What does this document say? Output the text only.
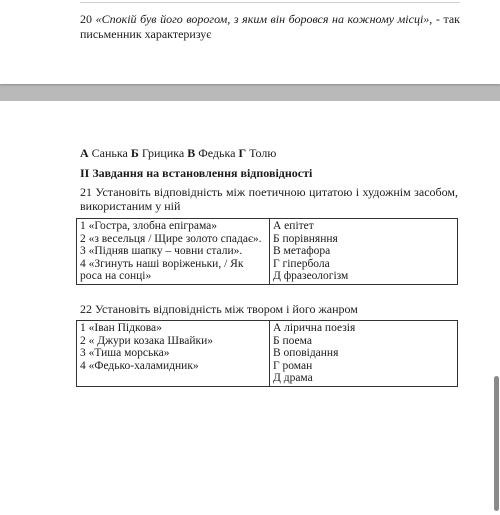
20 «Спокій був його ворогом, з яким він боровся на кожному місці», - так письменник характеризує
А Санька Б Грицика В Федька Г Толю
ІІ Завдання на встановлення відповідності
21 Установіть відповідність між поетичною цитатою і художнім засобом, використаним у ній
1 «Гостра, злобна епіграма»
2 «з весельця / Щире золото спадає».
3 «Підняв шапку – човни стали».
4 «Згинуть наші воріженьки, / Як роса на сонці»

А епітет
Б порівняння
В метафора
Г гіпербола
Д фразеологізм
22 Установіть відповідність між твором і його жанром
1 «Іван Підкова»
2 « Джури козака Швайки»
3 «Тиша морська»
4 «Федько-халамидник»

А лірична поезія
Б поема
В оповідання
Г роман
Д драма
